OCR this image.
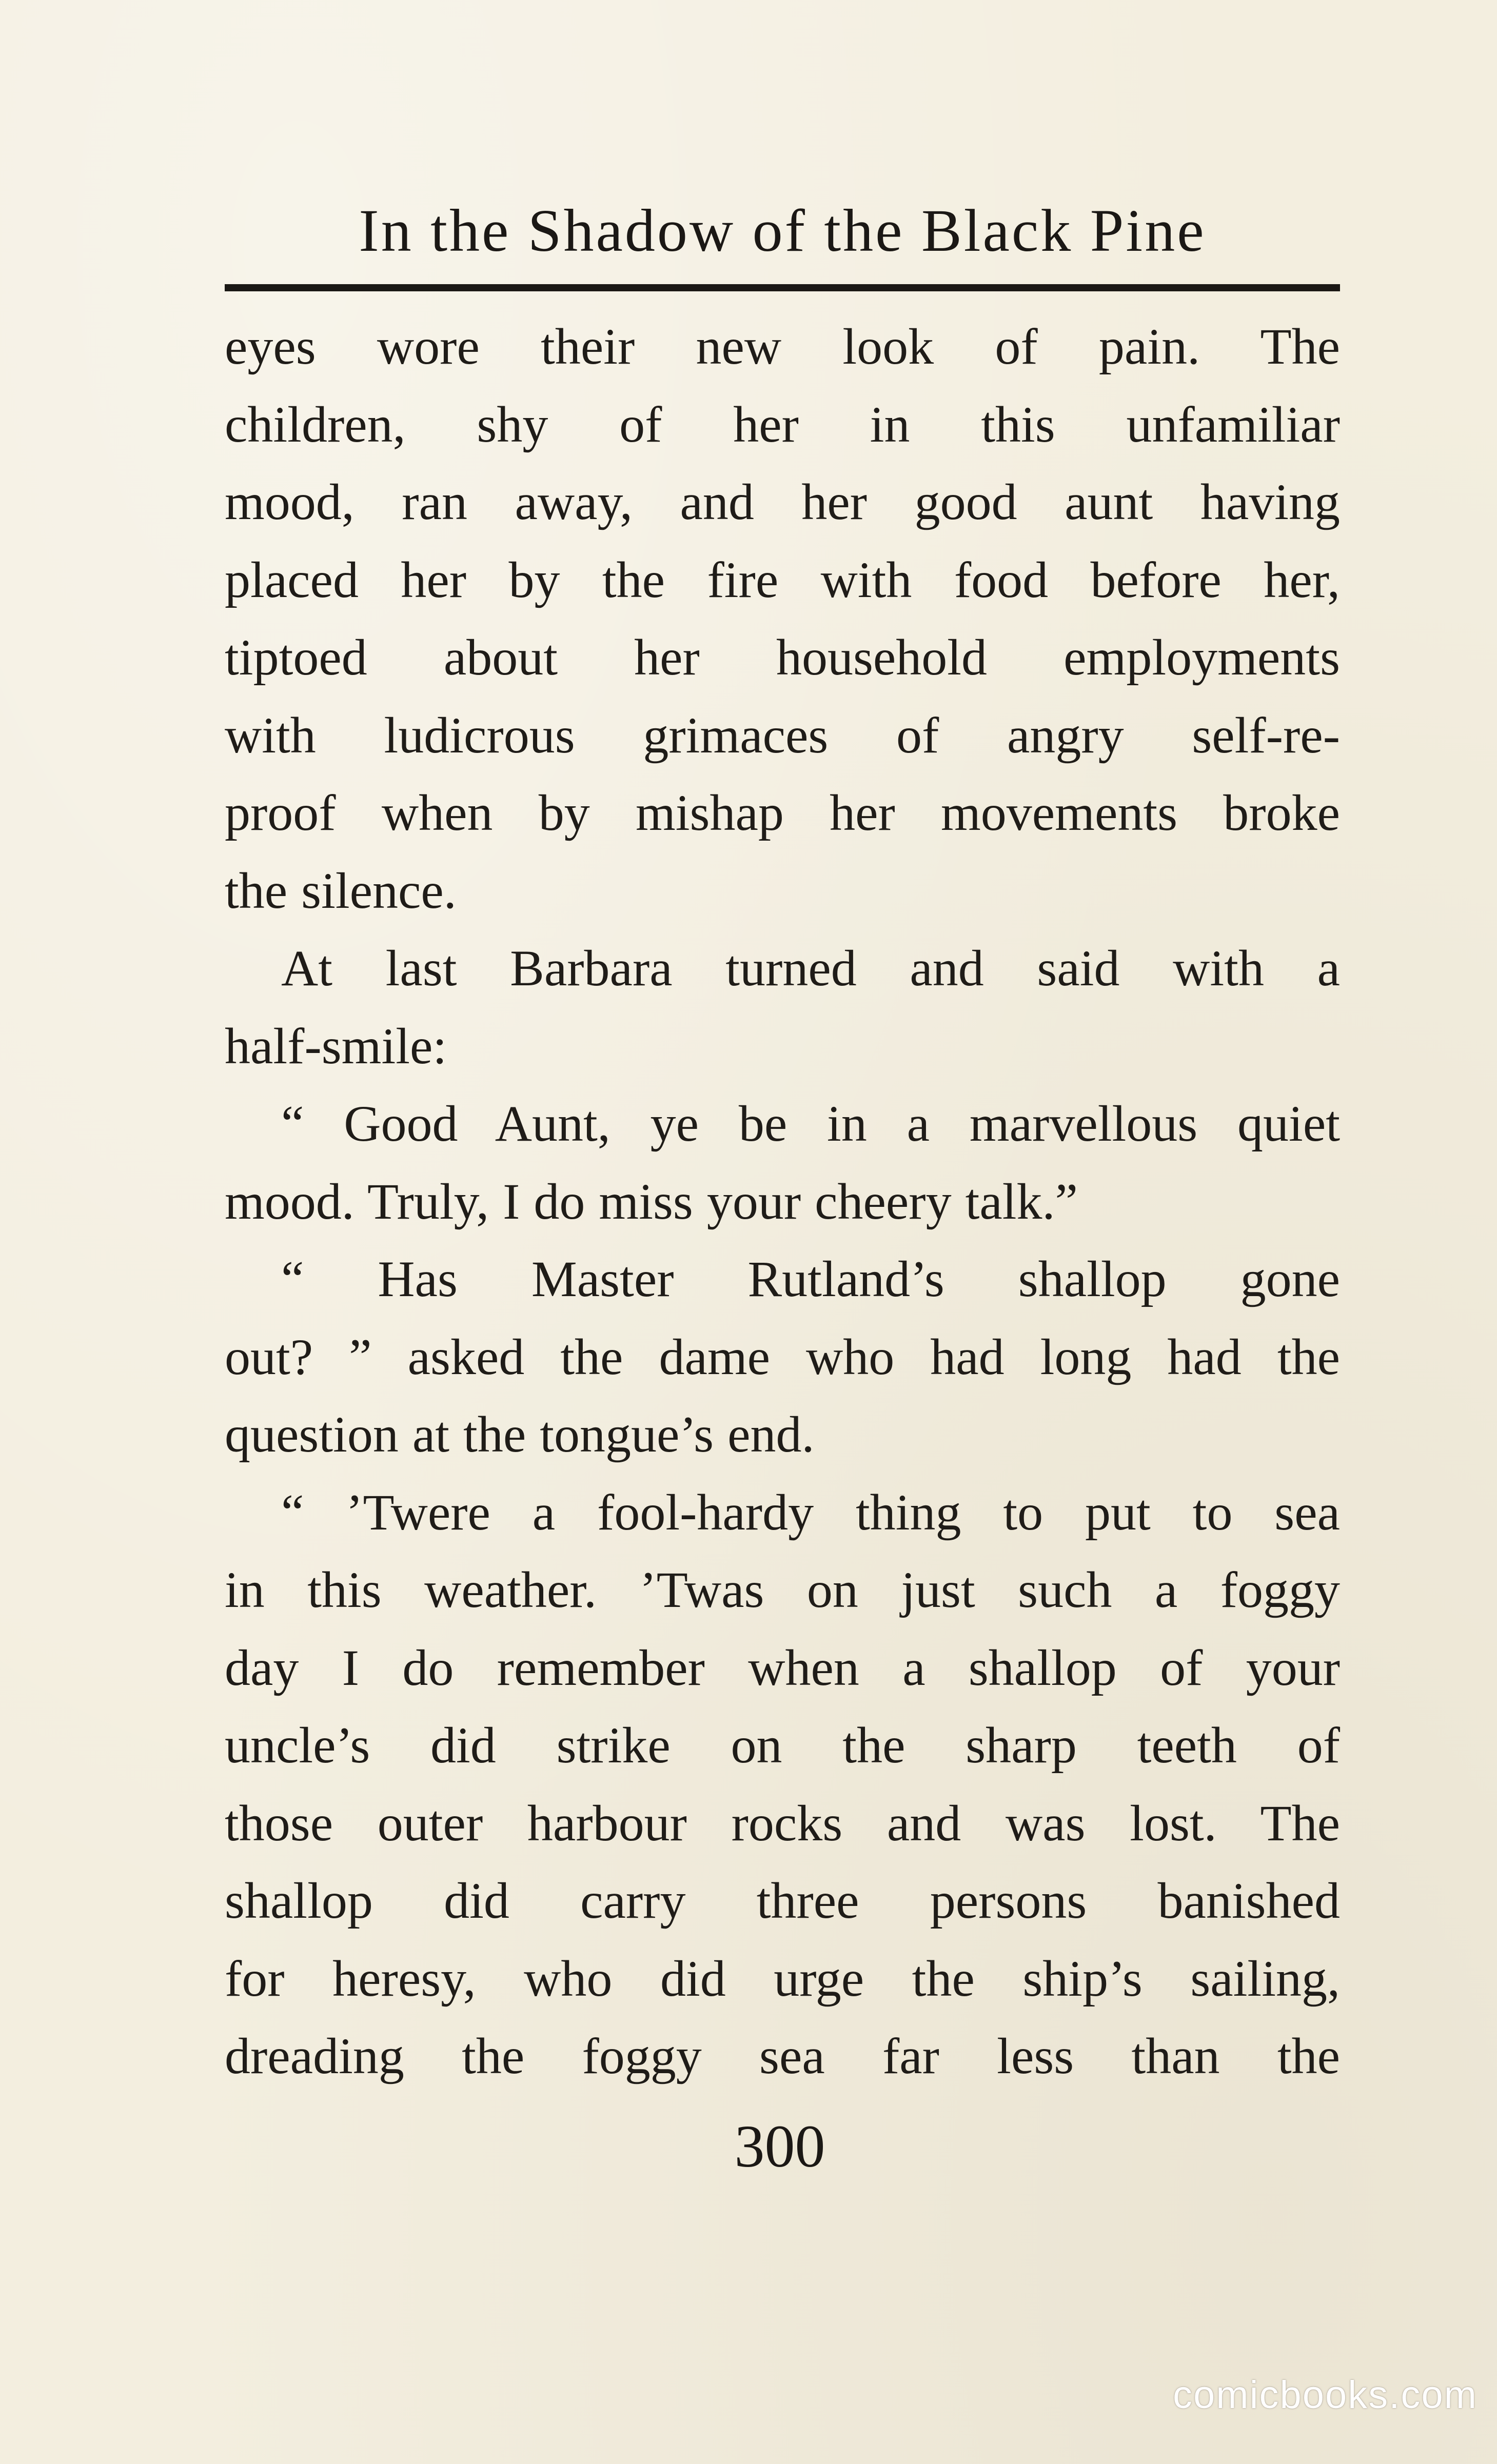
In the Shadow of the Black Pine
eyes wore their new look of pain. The
children, shy of her in this unfamiliar
mood, ran away, and her good aunt having
placed her by the fire with food before her,
tiptoed about her household employments
with ludicrous grimaces of angry self-re-
proof when by mishap her movements broke
the silence.
At last Barbara turned and said with a
half-smile:
“ Good Aunt, ye be in a marvellous quiet
mood. Truly, I do miss your cheery talk.”
“ Has Master Rutland’s shallop gone
out? ” asked the dame who had long had the
question at the tongue’s end.
“ ’Twere a fool-hardy thing to put to sea
in this weather. ’Twas on just such a foggy
day I do remember when a shallop of your
uncle’s did strike on the sharp teeth of
those outer harbour rocks and was lost. The
shallop did carry three persons banished
for heresy, who did urge the ship’s sailing,
dreading the foggy sea far less than the
300
comicbooks.com
